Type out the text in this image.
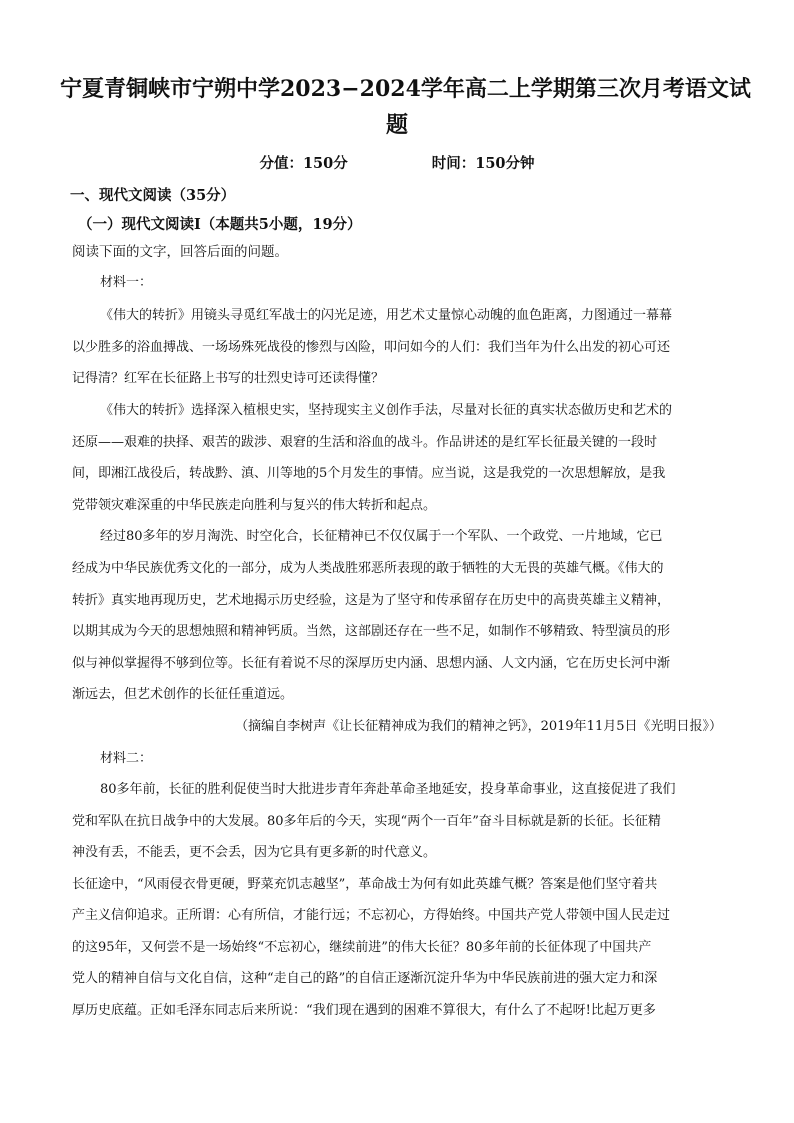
宁夏青铜峡市宁朔中学2023−2024学年高二上学期第三次月考语文试
题
分值：150分	时间：150分钟
一、现代文阅读（35分）
（一）现代文阅读Ⅰ（本题共5小题，19分）
阅读下面的文字，回答后面的问题。
材料一：
《伟大的转折》用镜头寻觅红军战士的闪光足迹，用艺术丈量惊心动魄的血色距离，力图通过一幕幕
以少胜多的浴血搏战、一场场殊死战役的惨烈与凶险，叩问如今的人们：我们当年为什么出发的初心可还
记得清？红军在长征路上书写的壮烈史诗可还读得懂？
《伟大的转折》选择深入植根史实，坚持现实主义创作手法，尽量对长征的真实状态做历史和艺术的
还原——艰难的抉择、艰苦的跋涉、艰窘的生活和浴血的战斗。作品讲述的是红军长征最关键的一段时
间，即湘江战役后，转战黔、滇、川等地的5个月发生的事情。应当说，这是我党的一次思想解放，是我
党带领灾难深重的中华民族走向胜利与复兴的伟大转折和起点。
经过80多年的岁月淘洗、时空化合，长征精神已不仅仅属于一个军队、一个政党、一片地域，它已
经成为中华民族优秀文化的一部分，成为人类战胜邪恶所表现的敢于牺牲的大无畏的英雄气概。《伟大的
转折》真实地再现历史，艺术地揭示历史经验，这是为了坚守和传承留存在历史中的高贵英雄主义精神，
以期其成为今天的思想烛照和精神钙质。当然，这部剧还存在一些不足，如制作不够精致、特型演员的形
似与神似掌握得不够到位等。长征有着说不尽的深厚历史内涵、思想内涵、人文内涵，它在历史长河中渐
渐远去，但艺术创作的长征任重道远。
（摘编自李树声《让长征精神成为我们的精神之钙》，2019年11月5日《光明日报》）
材料二：
80多年前，长征的胜利促使当时大批进步青年奔赴革命圣地延安，投身革命事业，这直接促进了我们
党和军队在抗日战争中的大发展。80多年后的今天，实现“两个一百年”奋斗目标就是新的长征。长征精
神没有丢，不能丢，更不会丢，因为它具有更多新的时代意义。
长征途中，“风雨侵衣骨更硬，野菜充饥志越坚”，革命战士为何有如此英雄气概？答案是他们坚守着共
产主义信仰追求。正所谓：心有所信，才能行远；不忘初心，方得始终。中国共产党人带领中国人民走过
的这95年，又何尝不是一场始终“不忘初心，继续前进”的伟大长征？80多年前的长征体现了中国共产
党人的精神自信与文化自信，这种“走自己的路”的自信正逐渐沉淀升华为中华民族前进的强大定力和深
厚历史底蕴。正如毛泽东同志后来所说：“我们现在遇到的困难不算很大，有什么了不起呀!比起万更多
